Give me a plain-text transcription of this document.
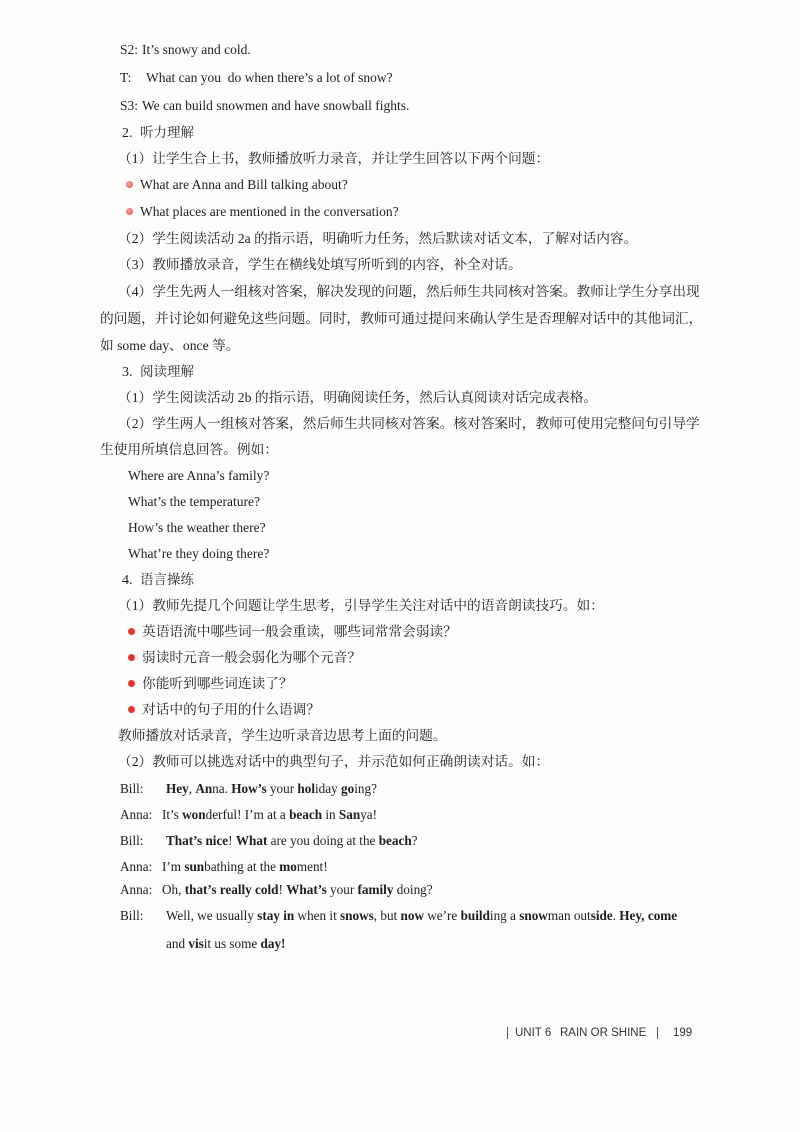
S2: It’s snowy and cold.
T: What can you  do when there’s a lot of snow?
S3: We can build snowmen and have snowball fights.
2. 听力理解
（1）让学生合上书，教师播放听力录音，并让学生回答以下两个问题：
What are Anna and Bill talking about?
What places are mentioned in the conversation?
（2）学生阅读活动 2a 的指示语，明确听力任务，然后默读对话文本，了解对话内容。
（3）教师播放录音，学生在横线处填写所听到的内容，补全对话。
（4）学生先两人一组核对答案，解决发现的问题，然后师生共同核对答案。教师让学生分享出现
的问题，并讨论如何避免这些问题。同时，教师可通过提问来确认学生是否理解对话中的其他词汇，
如 some day、once 等。
3. 阅读理解
（1）学生阅读活动 2b 的指示语，明确阅读任务，然后认真阅读对话完成表格。
（2）学生两人一组核对答案，然后师生共同核对答案。核对答案时，教师可使用完整问句引导学
生使用所填信息回答。例如：
Where are Anna’s family?
What’s the temperature?
How’s the weather there?
What’re they doing there?
4. 语言操练
（1）教师先提几个问题让学生思考，引导学生关注对话中的语音朗读技巧。如：
英语语流中哪些词一般会重读，哪些词常常会弱读？
弱读时元音一般会弱化为哪个元音？
你能听到哪些词连读了？
对话中的句子用的什么语调？
教师播放对话录音，学生边听录音边思考上面的问题。
（2）教师可以挑选对话中的典型句子，并示范如何正确朗读对话。如：
Bill: Hey, Anna. How’s your holiday going?
Anna: It’s wonderful! I’m at a beach in Sanya!
Bill: That’s nice! What are you doing at the beach?
Anna: I’m sunbathing at the moment!
Anna: Oh, that’s really cold! What’s your family doing?
Bill: Well, we usually stay in when it snows, but now we’re building a snowman outside. Hey, come
and visit us some day!
UNIT 6 RAIN OR SHINE 199
